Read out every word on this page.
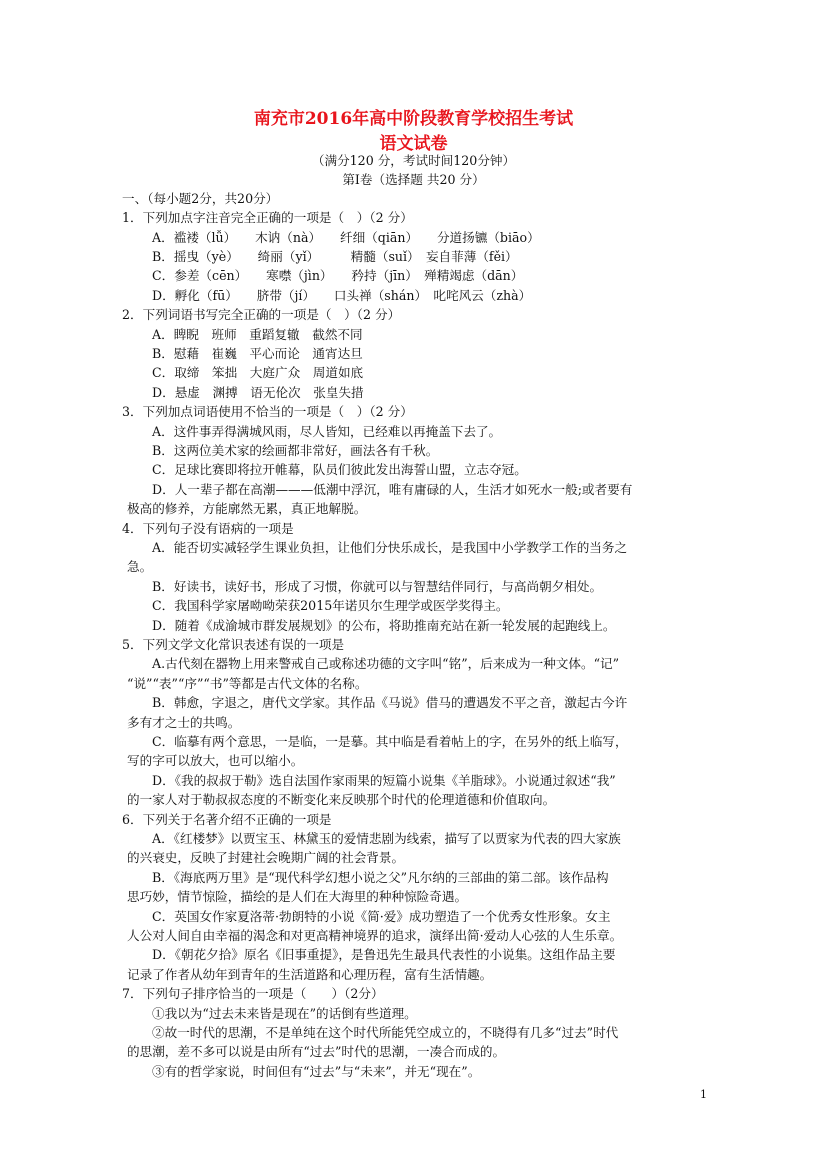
南充市2016年高中阶段教育学校招生考试
语文试卷
（满分120 分，考试时间120分钟）
第Ⅰ卷（选择题 共20 分）
一、（每小题2分，共20分）
1．下列加点字注音完全正确的一项是（　）（2 分）
A．褴褛（lǚ）　　木讷（nà）　　纤细（qiān）　　分道扬镳（biāo）
B．摇曳（yè）　　绮丽（yǐ）　　　精髓（suǐ）　妄自菲薄（fěi）
C．参差（cēn）　　寒噤（jìn）　　矜持（jīn）　殚精竭虑（dān）
D．孵化（fū）　　脐带（jí）　　口头禅（shán）　叱咤风云（zhà）
2．下列词语书写完全正确的一项是（　）（2 分）
A．睥睨　班师　重蹈复辙　截然不同
B．慰藉　崔巍　平心而论　通宵达旦
C．取缔　笨拙　大庭广众　周道如底
D．悬虚　渊搏　语无伦次　张皇失措
3．下列加点词语使用不恰当的一项是（　）（2 分）
A．这件事弄得满城风雨，尽人皆知，已经难以再掩盖下去了。
B．这两位美术家的绘画都非常好，画法各有千秋。
C．足球比赛即将拉开帷幕，队员们彼此发出海誓山盟，立志夺冠。
D．人一辈子都在高潮———低潮中浮沉，唯有庸碌的人，生活才如死水一般;或者要有
极高的修养，方能廓然无累，真正地解脱。
4．下列句子没有语病的一项是
A．能否切实减轻学生课业负担，让他们分快乐成长，是我国中小学教学工作的当务之
急。
B．好读书，读好书，形成了习惯，你就可以与智慧结伴同行，与高尚朝夕相处。
C．我国科学家屠呦呦荣获2015年诺贝尔生理学或医学奖得主。
D．随着《成渝城市群发展规划》的公布，将助推南充站在新一轮发展的起跑线上。
5．下列文学文化常识表述有误的一项是
A.古代刻在器物上用来警戒自己或称述功德的文字叫“铭”，后来成为一种文体。“记”
“说”“表”“序”“书”等都是古代文体的名称。
B．韩愈，字退之，唐代文学家。其作品《马说》借马的遭遇发不平之音，激起古今许
多有才之士的共鸣。
C．临摹有两个意思，一是临，一是摹。其中临是看着帖上的字，在另外的纸上临写，
写的字可以放大，也可以缩小。
D．《我的叔叔于勒》选自法国作家雨果的短篇小说集《羊脂球》。小说通过叙述“我”
的一家人对于勒叔叔态度的不断变化来反映那个时代的伦理道德和价值取向。
6．下列关于名著介绍不正确的一项是
A．《红楼梦》以贾宝玉、林黛玉的爱情悲剧为线索，描写了以贾家为代表的四大家族
的兴衰史，反映了封建社会晚期广阔的社会背景。
B．《海底两万里》是“现代科学幻想小说之父”凡尔纳的三部曲的第二部。该作品构
思巧妙，情节惊险，描绘的是人们在大海里的种种惊险奇遇。
C．英国女作家夏洛蒂·勃朗特的小说《简·爱》成功塑造了一个优秀女性形象。女主
人公对人间自由幸福的渴念和对更高精神境界的追求，演绎出简·爱动人心弦的人生乐章。
D．《朝花夕拾》原名《旧事重提》，是鲁迅先生最具代表性的小说集。这组作品主要
记录了作者从幼年到青年的生活道路和心理历程，富有生活情趣。
7．下列句子排序恰当的一项是（　　）（2分）
①我以为“过去未来皆是现在”的话倒有些道理。
②故一时代的思潮，不是单纯在这个时代所能凭空成立的，不晓得有几多“过去”时代
的思潮，差不多可以说是由所有“过去”时代的思潮，一凑合而成的。
③有的哲学家说，时间但有“过去”与“未来”，并无“现在”。
1
